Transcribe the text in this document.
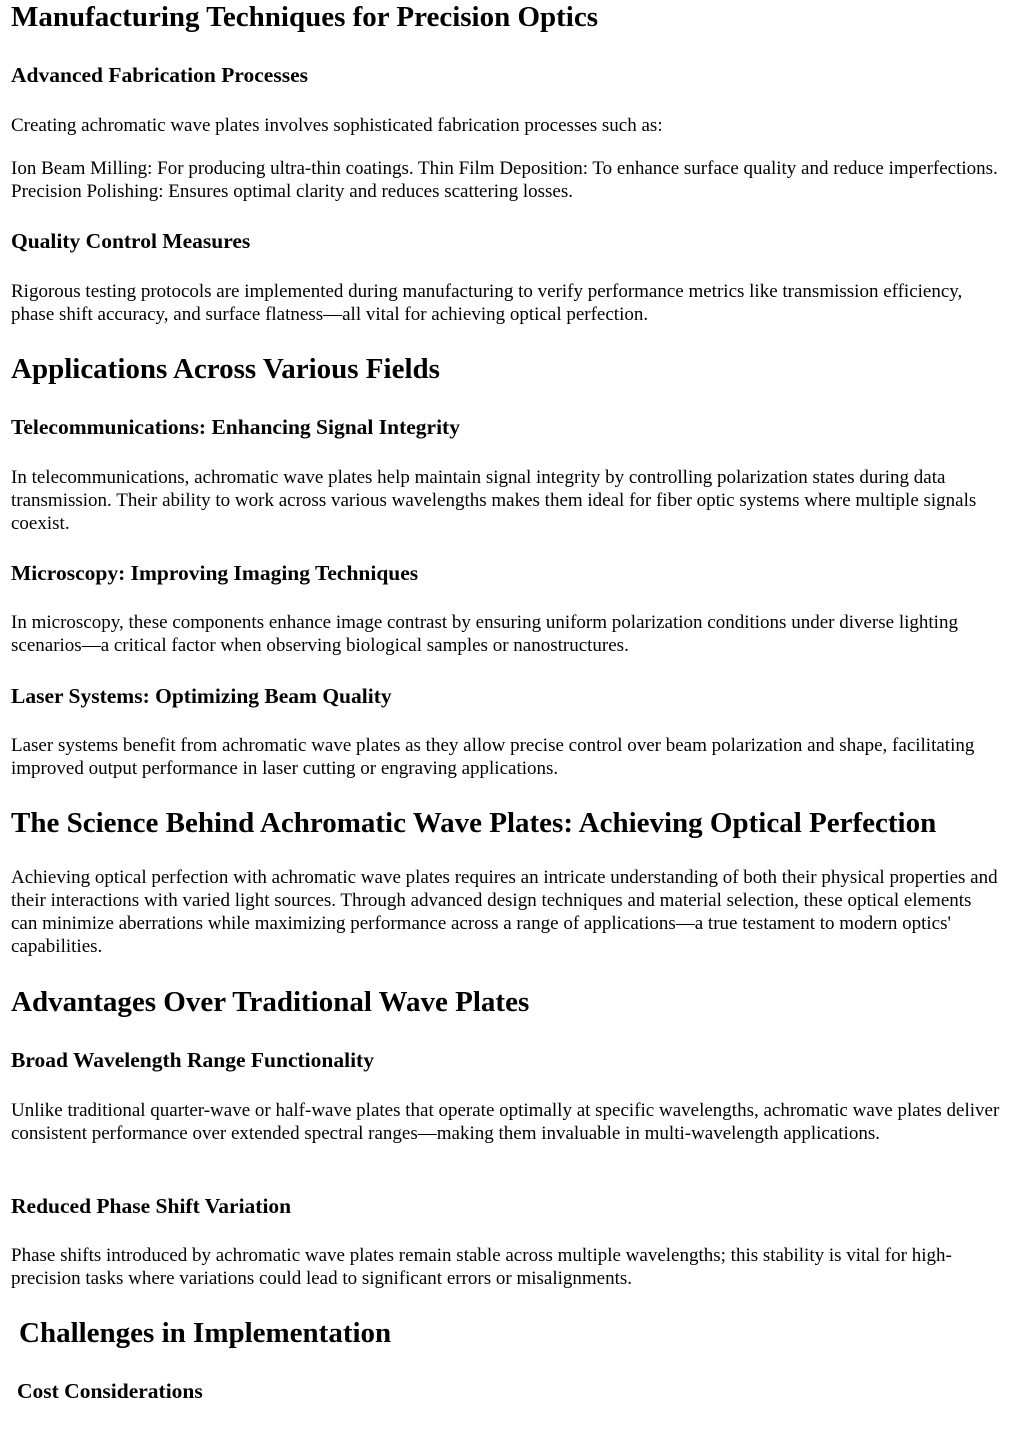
Manufacturing Techniques for Precision Optics
Advanced Fabrication Processes

Creating achromatic wave plates involves sophisticated fabrication processes such as:

Ion Beam Milling: For producing ultra-thin coatings. Thin Film Deposition: To enhance surface quality and reduce imperfections. Precision Polishing: Ensures optimal clarity and reduces scattering losses.

Quality Control Measures

Rigorous testing protocols are implemented during manufacturing to verify performance metrics like transmission efficiency, phase shift accuracy, and surface flatness—all vital for achieving optical perfection.

Applications Across Various Fields
Telecommunications: Enhancing Signal Integrity

In telecommunications, achromatic wave plates help maintain signal integrity by controlling polarization states during data transmission. Their ability to work across various wavelengths makes them ideal for fiber optic systems where multiple signals coexist.

Microscopy: Improving Imaging Techniques

In microscopy, these components enhance image contrast by ensuring uniform polarization conditions under diverse lighting scenarios—a critical factor when observing biological samples or nanostructures.

Laser Systems: Optimizing Beam Quality

Laser systems benefit from achromatic wave plates as they allow precise control over beam polarization and shape, facilitating improved output performance in laser cutting or engraving applications.

The Science Behind Achromatic Wave Plates: Achieving Optical Perfection

Achieving optical perfection with achromatic wave plates requires an intricate understanding of both their physical properties and their interactions with varied light sources. Through advanced design techniques and material selection, these optical elements can minimize aberrations while maximizing performance across a range of applications—a true testament to modern optics' capabilities.

Advantages Over Traditional Wave Plates
Broad Wavelength Range Functionality

Unlike traditional quarter-wave or half-wave plates that operate optimally at specific wavelengths, achromatic wave plates deliver consistent performance over extended spectral ranges—making them invaluable in multi-wavelength applications.

Reduced Phase Shift Variation

Phase shifts introduced by achromatic wave plates remain stable across multiple wavelengths; this stability is vital for high-precision tasks where variations could lead to significant errors or misalignments.

Challenges in Implementation
Cost Considerations
